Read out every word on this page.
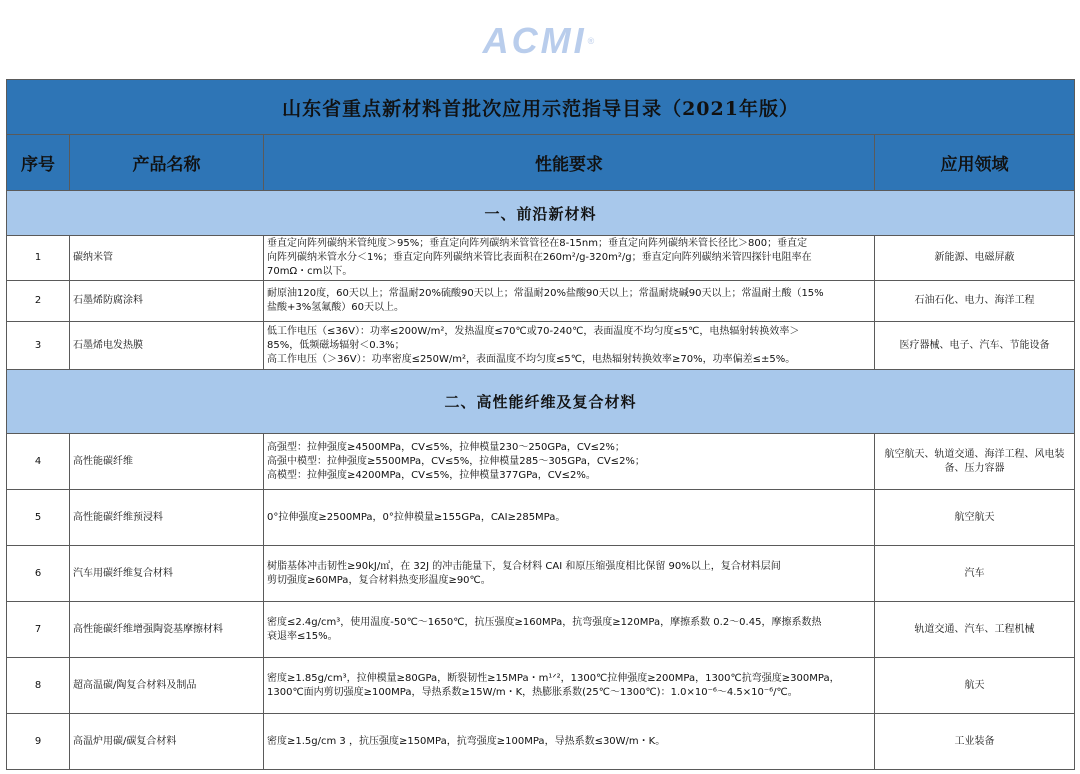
ACMI®
山东省重点新材料首批次应用示范指导目录（2021年版）			
序号	产品名称	性能要求	应用领域
一、前沿新材料			
1	碳纳米管	垂直定向阵列碳纳米管纯度＞95%；垂直定向阵列碳纳米管管径在8-15nm；垂直定向阵列碳纳米管长径比＞800；垂直定
向阵列碳纳米管水分＜1%；垂直定向阵列碳纳米管比表面积在260m²/g-320m²/g；垂直定向阵列碳纳米管四探针电阻率在
70mΩ・cm以下。	新能源、电磁屏蔽
2	石墨烯防腐涂料	耐原油120度，60天以上；常温耐20%硫酸90天以上；常温耐20%盐酸90天以上；常温耐烧碱90天以上；常温耐土酸（15%
盐酸+3%氢氟酸）60天以上。	石油石化、电力、海洋工程
3	石墨烯电发热膜	低工作电压（≤36V）：功率≤200W/m²，发热温度≤70℃或70-240℃，表面温度不均匀度≤5℃，电热辐射转换效率＞
85%，低频磁场辐射＜0.3%；
高工作电压（＞36V）：功率密度≤250W/m²，表面温度不均匀度≤5℃，电热辐射转换效率≥70%，功率偏差≤±5%。	医疗器械、电子、汽车、节能设备
二、高性能纤维及复合材料			
4	高性能碳纤维	高强型：拉伸强度≥4500MPa，CV≤5%，拉伸模量230～250GPa，CV≤2%；
高强中模型：拉伸强度≥5500MPa，CV≤5%，拉伸模量285～305GPa，CV≤2%；
高模型：拉伸强度≥4200MPa，CV≤5%，拉伸模量377GPa，CV≤2%。	航空航天、轨道交通、海洋工程、风电装备、压力容器
5	高性能碳纤维预浸料	0°拉伸强度≥2500MPa，0°拉伸模量≥155GPa，CAI≥285MPa。	航空航天
6	汽车用碳纤维复合材料	树脂基体冲击韧性≥90kJ/㎡，在 32J 的冲击能量下，复合材料 CAI 和原压缩强度相比保留 90%以上，复合材料层间
剪切强度≥60MPa，复合材料热变形温度≥90℃。	汽车
7	高性能碳纤维增强陶瓷基摩擦材料	密度≤2.4g/cm³，使用温度-50℃～1650℃，抗压强度≥160MPa，抗弯强度≥120MPa，摩擦系数 0.2～0.45，摩擦系数热
衰退率≤15%。	轨道交通、汽车、工程机械
8	超高温碳/陶复合材料及制品	密度≥1.85g/cm³，拉伸模量≥80GPa，断裂韧性≥15MPa・m¹ᐟ²，1300℃拉伸强度≥200MPa，1300℃抗弯强度≥300MPa，
1300℃面内剪切强度≥100MPa，导热系数≥15W/m・K，热膨胀系数(25℃～1300℃)：1.0×10⁻⁶～4.5×10⁻⁶/℃。	航天
9	高温炉用碳/碳复合材料	密度≥1.5g/cm 3 ，抗压强度≥150MPa，抗弯强度≥100MPa，导热系数≤30W/m・K。	工业装备
